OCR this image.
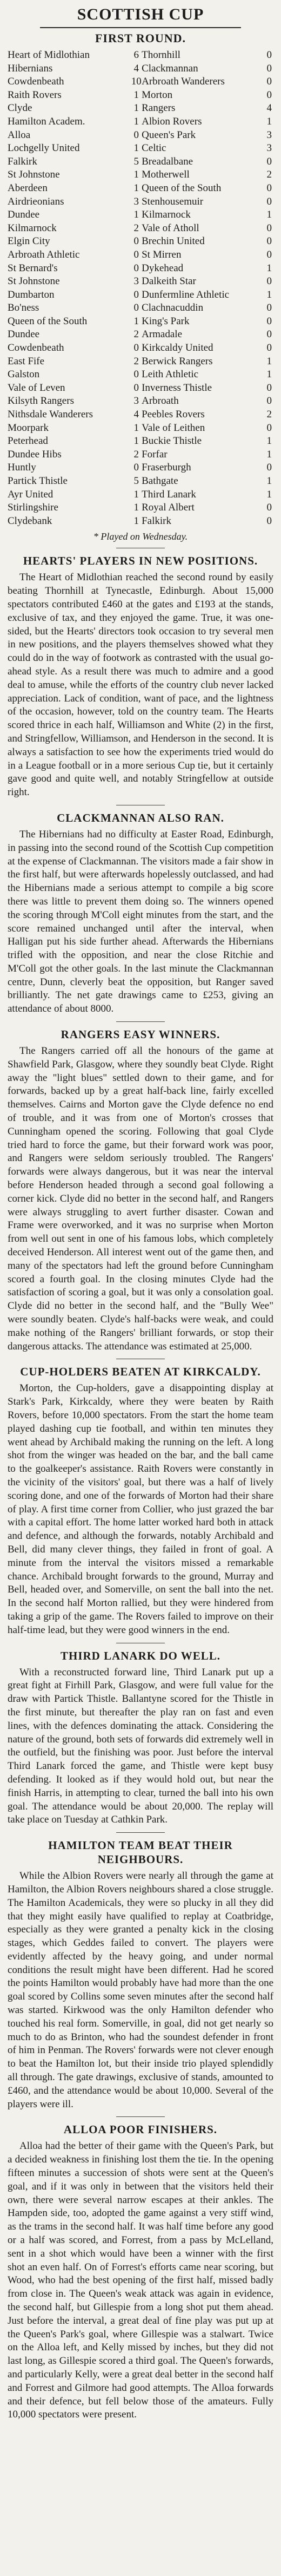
SCOTTISH CUP
FIRST ROUND.
Heart of Midlothian	6	Thornhill	0
Hibernians	4	Clackmannan	0
Cowdenbeath	10	Arbroath Wanderers	0
Raith Rovers	1	Morton	0
Clyde	1	Rangers	4
Hamilton Academ.	1	Albion Rovers	1
Alloa	0	Queen's Park	3
Lochgelly United	1	Celtic	3
Falkirk	5	Breadalbane	0
St Johnstone	1	Motherwell	2
Aberdeen	1	Queen of the South	0
Airdrieonians	3	Stenhousemuir	0
Dundee	1	Kilmarnock	1
Kilmarnock	2	Vale of Atholl	0
Elgin City	0	Brechin United	0
Arbroath Athletic	0	St Mirren	0
St Bernard's	0	Dykehead	1
St Johnstone	3	Dalkeith Star	0
Dumbarton	0	Dunfermline Athletic	1
Bo'ness	0	Clachnacuddin	0
Queen of the South	1	King's Park	0
Dundee	2	Armadale	0
Cowdenbeath	0	Kirkcaldy United	0
East Fife	2	Berwick Rangers	1
Galston	0	Leith Athletic	1
Vale of Leven	0	Inverness Thistle	0
Kilsyth Rangers	3	Arbroath	0
Nithsdale Wanderers	4	Peebles Rovers	2
Moorpark	1	Vale of Leithen	0
Peterhead	1	Buckie Thistle	1
Dundee Hibs	2	Forfar	1
Huntly	0	Fraserburgh	0
Partick Thistle	5	Bathgate	1
Ayr United	1	Third Lanark	1
Stirlingshire	1	Royal Albert	0
Clydebank	1	Falkirk	0
* Played on Wednesday.
HEARTS' PLAYERS IN NEW POSITIONS.

The Heart of Midlothian reached the second round by easily beating Thornhill at Tynecastle, Edinburgh. About 15,000 spectators contributed £460 at the gates and £193 at the stands, exclusive of tax, and they enjoyed the game. True, it was one-sided, but the Hearts' directors took occasion to try several men in new positions, and the players themselves showed what they could do in the way of footwork as contrasted with the usual go-ahead style. As a result there was much to admire and a good deal to amuse, while the efforts of the country club never lacked appreciation. Lack of condition, want of pace, and the lightness of the occasion, however, told on the country team. The Hearts scored thrice in each half, Williamson and White (2) in the first, and Stringfellow, Williamson, and Henderson in the second. It is always a satisfaction to see how the experiments tried would do in a League football or in a more serious Cup tie, but it certainly gave good and quite well, and notably Stringfellow at outside right.

CLACKMANNAN ALSO RAN.

The Hibernians had no difficulty at Easter Road, Edinburgh, in passing into the second round of the Scottish Cup competition at the expense of Clackmannan. The visitors made a fair show in the first half, but were afterwards hopelessly outclassed, and had the Hibernians made a serious attempt to compile a big score there was little to prevent them doing so. The winners opened the scoring through M'Coll eight minutes from the start, and the score remained unchanged until after the interval, when Halligan put his side further ahead. Afterwards the Hibernians trifled with the opposition, and near the close Ritchie and M'Coll got the other goals. In the last minute the Clackmannan centre, Dunn, cleverly beat the opposition, but Ranger saved brilliantly. The net gate drawings came to £253, giving an attendance of about 8000.

RANGERS EASY WINNERS.

The Rangers carried off all the honours of the game at Shawfield Park, Glasgow, where they soundly beat Clyde. Right away the "light blues" settled down to their game, and for forwards, backed up by a great half-back line, fairly excelled themselves. Cairns and Morton gave the Clyde defence no end of trouble, and it was from one of Morton's crosses that Cunningham opened the scoring. Following that goal Clyde tried hard to force the game, but their forward work was poor, and Rangers were seldom seriously troubled. The Rangers' forwards were always dangerous, but it was near the interval before Henderson headed through a second goal following a corner kick. Clyde did no better in the second half, and Rangers were always struggling to avert further disaster. Cowan and Frame were overworked, and it was no surprise when Morton from well out sent in one of his famous lobs, which completely deceived Henderson. All interest went out of the game then, and many of the spectators had left the ground before Cunningham scored a fourth goal. In the closing minutes Clyde had the satisfaction of scoring a goal, but it was only a consolation goal. Clyde did no better in the second half, and the "Bully Wee" were soundly beaten. Clyde's half-backs were weak, and could make nothing of the Rangers' brilliant forwards, or stop their dangerous attacks. The attendance was estimated at 25,000.

CUP-HOLDERS BEATEN AT KIRKCALDY.

Morton, the Cup-holders, gave a disappointing display at Stark's Park, Kirkcaldy, where they were beaten by Raith Rovers, before 10,000 spectators. From the start the home team played dashing cup tie football, and within ten minutes they went ahead by Archibald making the running on the left. A long shot from the winger was headed on the bar, and the ball came to the goalkeeper's assistance. Raith Rovers were constantly in the vicinity of the visitors' goal, but there was a half of lively scoring done, and one of the forwards of Morton had their share of play. A first time corner from Collier, who just grazed the bar with a capital effort. The home latter worked hard both in attack and defence, and although the forwards, notably Archibald and Bell, did many clever things, they failed in front of goal. A minute from the interval the visitors missed a remarkable chance. Archibald brought forwards to the ground, Murray and Bell, headed over, and Somerville, on sent the ball into the net. In the second half Morton rallied, but they were hindered from taking a grip of the game. The Rovers failed to improve on their half-time lead, but they were good winners in the end.

THIRD LANARK DO WELL.

With a reconstructed forward line, Third Lanark put up a great fight at Firhill Park, Glasgow, and were full value for the draw with Partick Thistle. Ballantyne scored for the Thistle in the first minute, but thereafter the play ran on fast and even lines, with the defences dominating the attack. Considering the nature of the ground, both sets of forwards did extremely well in the outfield, but the finishing was poor. Just before the interval Third Lanark forced the game, and Thistle were kept busy defending. It looked as if they would hold out, but near the finish Harris, in attempting to clear, turned the ball into his own goal. The attendance would be about 20,000. The replay will take place on Tuesday at Cathkin Park.

HAMILTON TEAM BEAT THEIR NEIGHBOURS.

While the Albion Rovers were nearly all through the game at Hamilton, the Albion Rovers neighbours shared a close struggle. The Hamilton Academicals, they were so plucky in all they did that they might easily have qualified to replay at Coatbridge, especially as they were granted a penalty kick in the closing stages, which Geddes failed to convert. The players were evidently affected by the heavy going, and under normal conditions the result might have been different. Had he scored the points Hamilton would probably have had more than the one goal scored by Collins some seven minutes after the second half was started. Kirkwood was the only Hamilton defender who touched his real form. Somerville, in goal, did not get nearly so much to do as Brinton, who had the soundest defender in front of him in Penman. The Rovers' forwards were not clever enough to beat the Hamilton lot, but their inside trio played splendidly all through. The gate drawings, exclusive of stands, amounted to £460, and the attendance would be about 10,000. Several of the players were ill.

ALLOA POOR FINISHERS.

Alloa had the better of their game with the Queen's Park, but a decided weakness in finishing lost them the tie. In the opening fifteen minutes a succession of shots were sent at the Queen's goal, and if it was only in between that the visitors held their own, there were several narrow escapes at their ankles. The Hampden side, too, adopted the game against a very stiff wind, as the trams in the second half. It was half time before any good or a half was scored, and Forrest, from a pass by McLelland, sent in a shot which would have been a winner with the first shot an even half. On of Forrest's efforts came near scoring, but Wood, who had the best opening of the first half, missed badly from close in. The Queen's weak attack was again in evidence, the second half, but Gillespie from a long shot put them ahead. Just before the interval, a great deal of fine play was put up at the Queen's Park's goal, where Gillespie was a stalwart. Twice on the Alloa left, and Kelly missed by inches, but they did not last long, as Gillespie scored a third goal. The Queen's forwards, and particularly Kelly, were a great deal better in the second half and Forrest and Gilmore had good attempts. The Alloa forwards and their defence, but fell below those of the amateurs. Fully 10,000 spectators were present.
